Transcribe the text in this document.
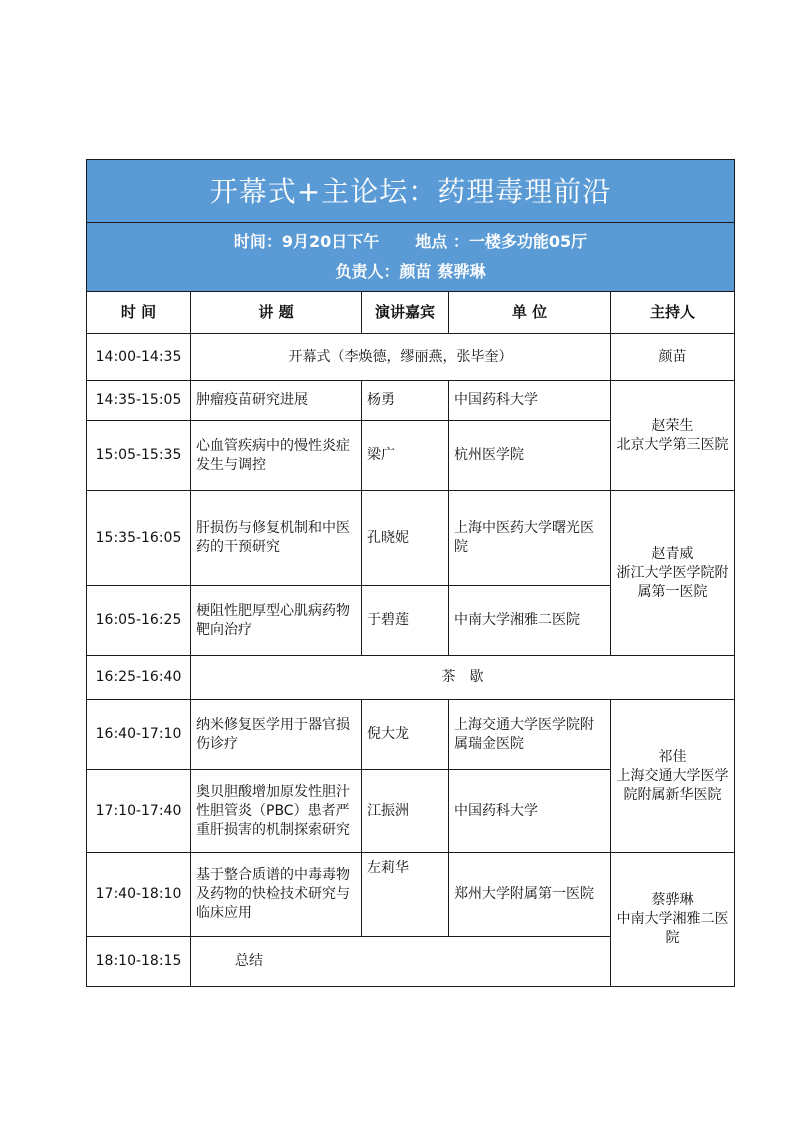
开幕式+主论坛：药理毒理前沿				

时间：9月20日下午 地点 ：一楼多功能05厅
负责人：颜苗 蔡骅琳				

时 间	讲 题	演讲嘉宾	单 位	主持人
14:00-14:35	开幕式（李焕德，缪丽燕，张毕奎）			颜苗
14:35-15:05	肿瘤疫苗研究进展	杨勇	中国药科大学	赵荣生
北京大学第三医院

15:05-15:35	心血管疾病中的慢性炎症发生与调控	梁广	杭州医学院	
15:35-16:05	肝损伤与修复机制和中医药的干预研究	孔晓妮	上海中医药大学曙光医院	赵青威
浙江大学医学院附属第一医院

16:05-16:25	梗阻性肥厚型心肌病药物靶向治疗	于碧莲	中南大学湘雅二医院	
16:25-16:40	茶　歇			
16:40-17:10	纳米修复医学用于器官损伤诊疗	倪大龙	上海交通大学医学院附属瑞金医院	祁佳
上海交通大学医学院附属新华医院

17:10-17:40	奥贝胆酸增加原发性胆汁性胆管炎（PBC）患者严重肝损害的机制探索研究	江振洲	中国药科大学	
17:40-18:10	基于整合质谱的中毒毒物及药物的快检技术研究与临床应用	左莉华	郑州大学附属第一医院	蔡骅琳
中南大学湘雅二医院

18:10-18:15	总结			
